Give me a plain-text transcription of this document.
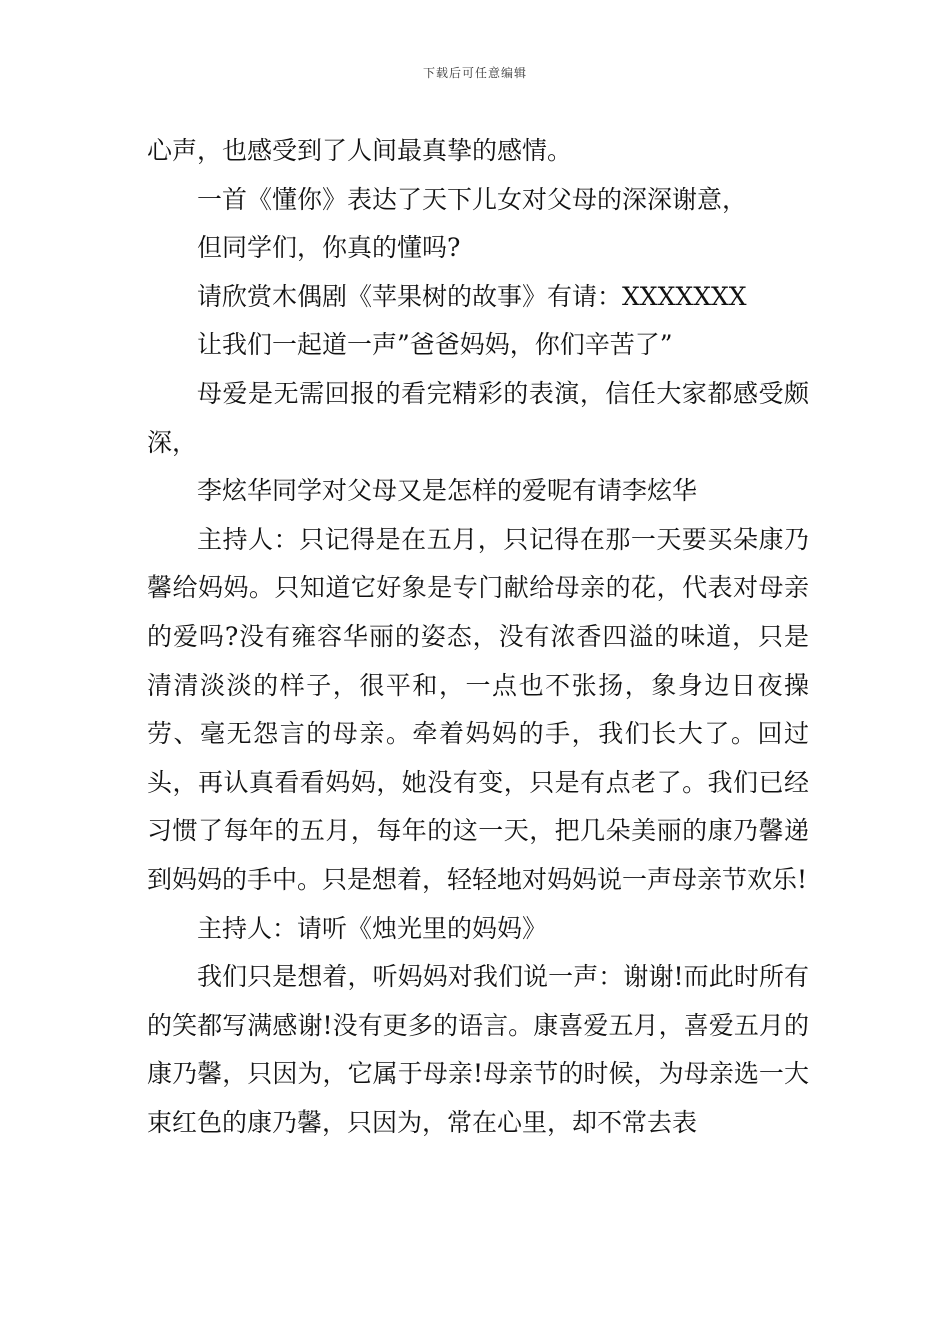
下载后可任意编辑

心声，也感受到了人间最真挚的感情。

一首《懂你》表达了天下儿女对父母的深深谢意，

但同学们，你真的懂吗?

请欣赏木偶剧《苹果树的故事》有请：XXXXXXX

让我们一起道一声”爸爸妈妈，你们辛苦了”

母爱是无需回报的看完精彩的表演，信任大家都感受颇深，

李炫华同学对父母又是怎样的爱呢有请李炫华

主持人：只记得是在五月，只记得在那一天要买朵康乃馨给妈妈。只知道它好象是专门献给母亲的花，代表对母亲的爱吗?没有雍容华丽的姿态，没有浓香四溢的味道，只是清清淡淡的样子，很平和，一点也不张扬，象身边日夜操劳、毫无怨言的母亲。牵着妈妈的手，我们长大了。回过头，再认真看看妈妈，她没有变，只是有点老了。我们已经习惯了每年的五月，每年的这一天，把几朵美丽的康乃馨递到妈妈的手中。只是想着，轻轻地对妈妈说一声母亲节欢乐!

主持人：请听《烛光里的妈妈》

我们只是想着，听妈妈对我们说一声：谢谢!而此时所有的笑都写满感谢!没有更多的语言。康喜爱五月，喜爱五月的康乃馨，只因为，它属于母亲!母亲节的时候，为母亲选一大束红色的康乃馨，只因为，常在心里，却不常去表
